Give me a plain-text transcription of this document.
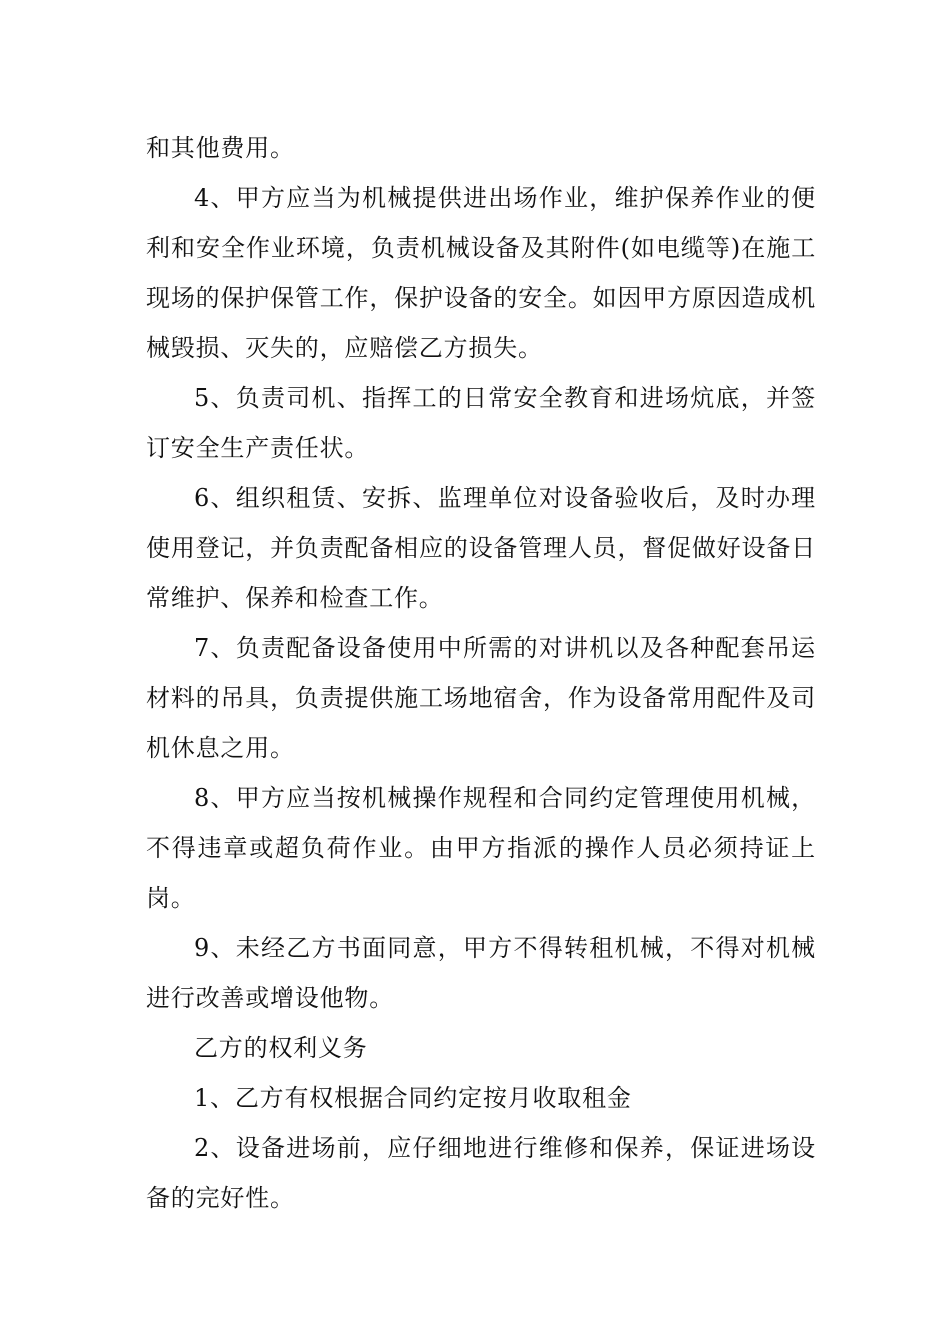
和其他费用。

4、甲方应当为机械提供进出场作业，维护保养作业的便利和安全作业环境，负责机械设备及其附件(如电缆等)在施工现场的保护保管工作，保护设备的安全。如因甲方原因造成机械毁损、灭失的，应赔偿乙方损失。

5、负责司机、指挥工的日常安全教育和进场炕底，并签订安全生产责任状。

6、组织租赁、安拆、监理单位对设备验收后，及时办理使用登记，并负责配备相应的设备管理人员，督促做好设备日常维护、保养和检查工作。

7、负责配备设备使用中所需的对讲机以及各种配套吊运材料的吊具，负责提供施工场地宿舍，作为设备常用配件及司机休息之用。

8、甲方应当按机械操作规程和合同约定管理使用机械，不得违章或超负荷作业。由甲方指派的操作人员必须持证上岗。

9、未经乙方书面同意，甲方不得转租机械，不得对机械进行改善或增设他物。

乙方的权利义务

1、乙方有权根据合同约定按月收取租金

2、设备进场前，应仔细地进行维修和保养，保证进场设备的完好性。
